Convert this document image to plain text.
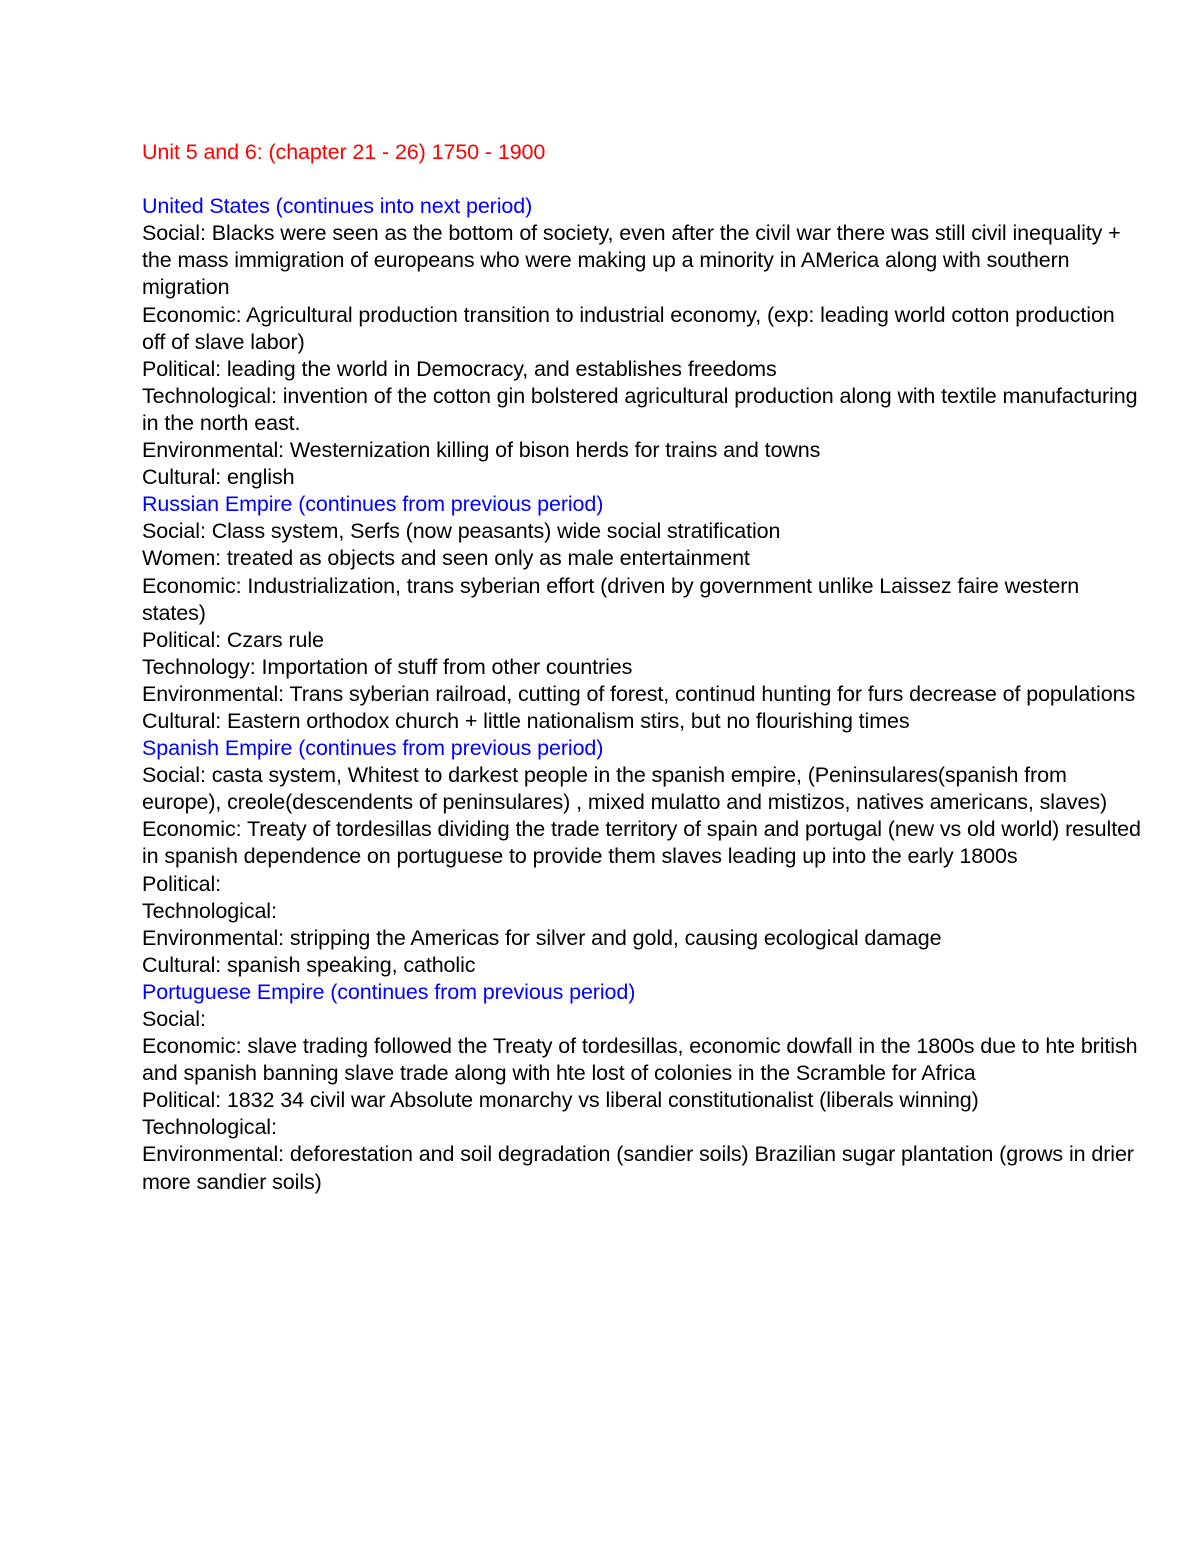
Unit 5 and 6: (chapter 21 - 26) 1750 - 1900

United States (continues into next period)

Social: Blacks were seen as the bottom of society, even after the civil war there was still civil inequality + the mass immigration of europeans who were making up a minority in AMerica along with southern migration

Economic: Agricultural production transition to industrial economy, (exp: leading world cotton production off of slave labor)

Political: leading the world in Democracy, and establishes freedoms

Technological: invention of the cotton gin bolstered agricultural production along with textile manufacturing in the north east.

Environmental: Westernization killing of bison herds for trains and towns

Cultural: english

Russian Empire (continues from previous period)

Social: Class system, Serfs (now peasants) wide social stratification

Women: treated as objects and seen only as male entertainment

Economic: Industrialization, trans syberian effort (driven by government unlike Laissez faire western states)

Political: Czars rule

Technology: Importation of stuff from other countries

Environmental: Trans syberian railroad, cutting of forest, continud hunting for furs decrease of populations

Cultural: Eastern orthodox church + little nationalism stirs, but no flourishing times

Spanish Empire (continues from previous period)

Social: casta system, Whitest to darkest people in the spanish empire, (Peninsulares(spanish from europe), creole(descendents of peninsulares) , mixed mulatto and mistizos, natives americans, slaves)

Economic: Treaty of tordesillas dividing the trade territory of spain and portugal (new vs old world) resulted in spanish dependence on portuguese to provide them slaves leading up into the early 1800s

Political:

Technological:

Environmental: stripping the Americas for silver and gold, causing ecological damage

Cultural: spanish speaking, catholic

Portuguese Empire (continues from previous period)

Social:

Economic: slave trading followed the Treaty of tordesillas, economic dowfall in the 1800s due to hte british and spanish banning slave trade along with hte lost of colonies in the Scramble for Africa

Political: 1832 34 civil war Absolute monarchy vs liberal constitutionalist (liberals winning)

Technological:

Environmental: deforestation and soil degradation (sandier soils) Brazilian sugar plantation (grows in drier more sandier soils)
